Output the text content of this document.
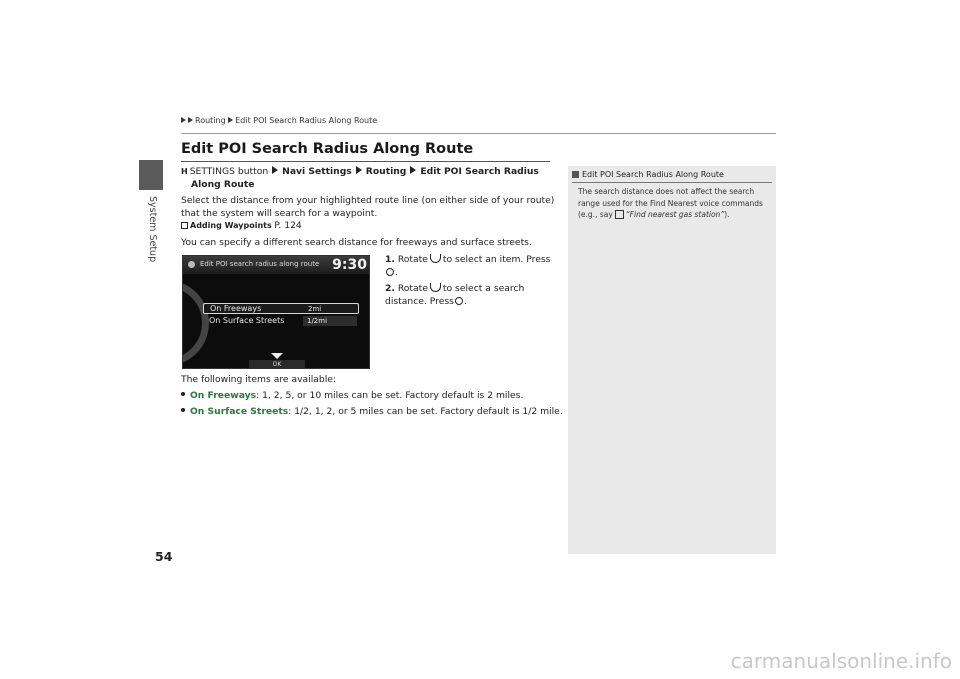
System Setup
Routing Edit POI Search Radius Along Route
Edit POI Search Radius Along Route
H SETTINGS button Navi Settings Routing Edit POI Search Radius
Along Route
Select the distance from your highlighted route line (on either side of your route) that the system will search for a waypoint.
Adding Waypoints P. 124
You can specify a different search distance for freeways and surface streets.
1. Rotate to select an item. Press
.
2. Rotate to select a search distance. Press .
Edit POI search radius along route 9:30
On Freeways	2mi
On Surface Streets	1/2mi
OK
The following items are available:
On Freeways: 1, 2, 5, or 10 miles can be set. Factory default is 2 miles.
On Surface Streets: 1/2, 1, 2, or 5 miles can be set. Factory default is 1/2 mile.
Edit POI Search Radius Along Route
The search distance does not affect the search range used for the Find Nearest voice commands (e.g., say “Find nearest gas station”).
54
carmanualsonline.info
